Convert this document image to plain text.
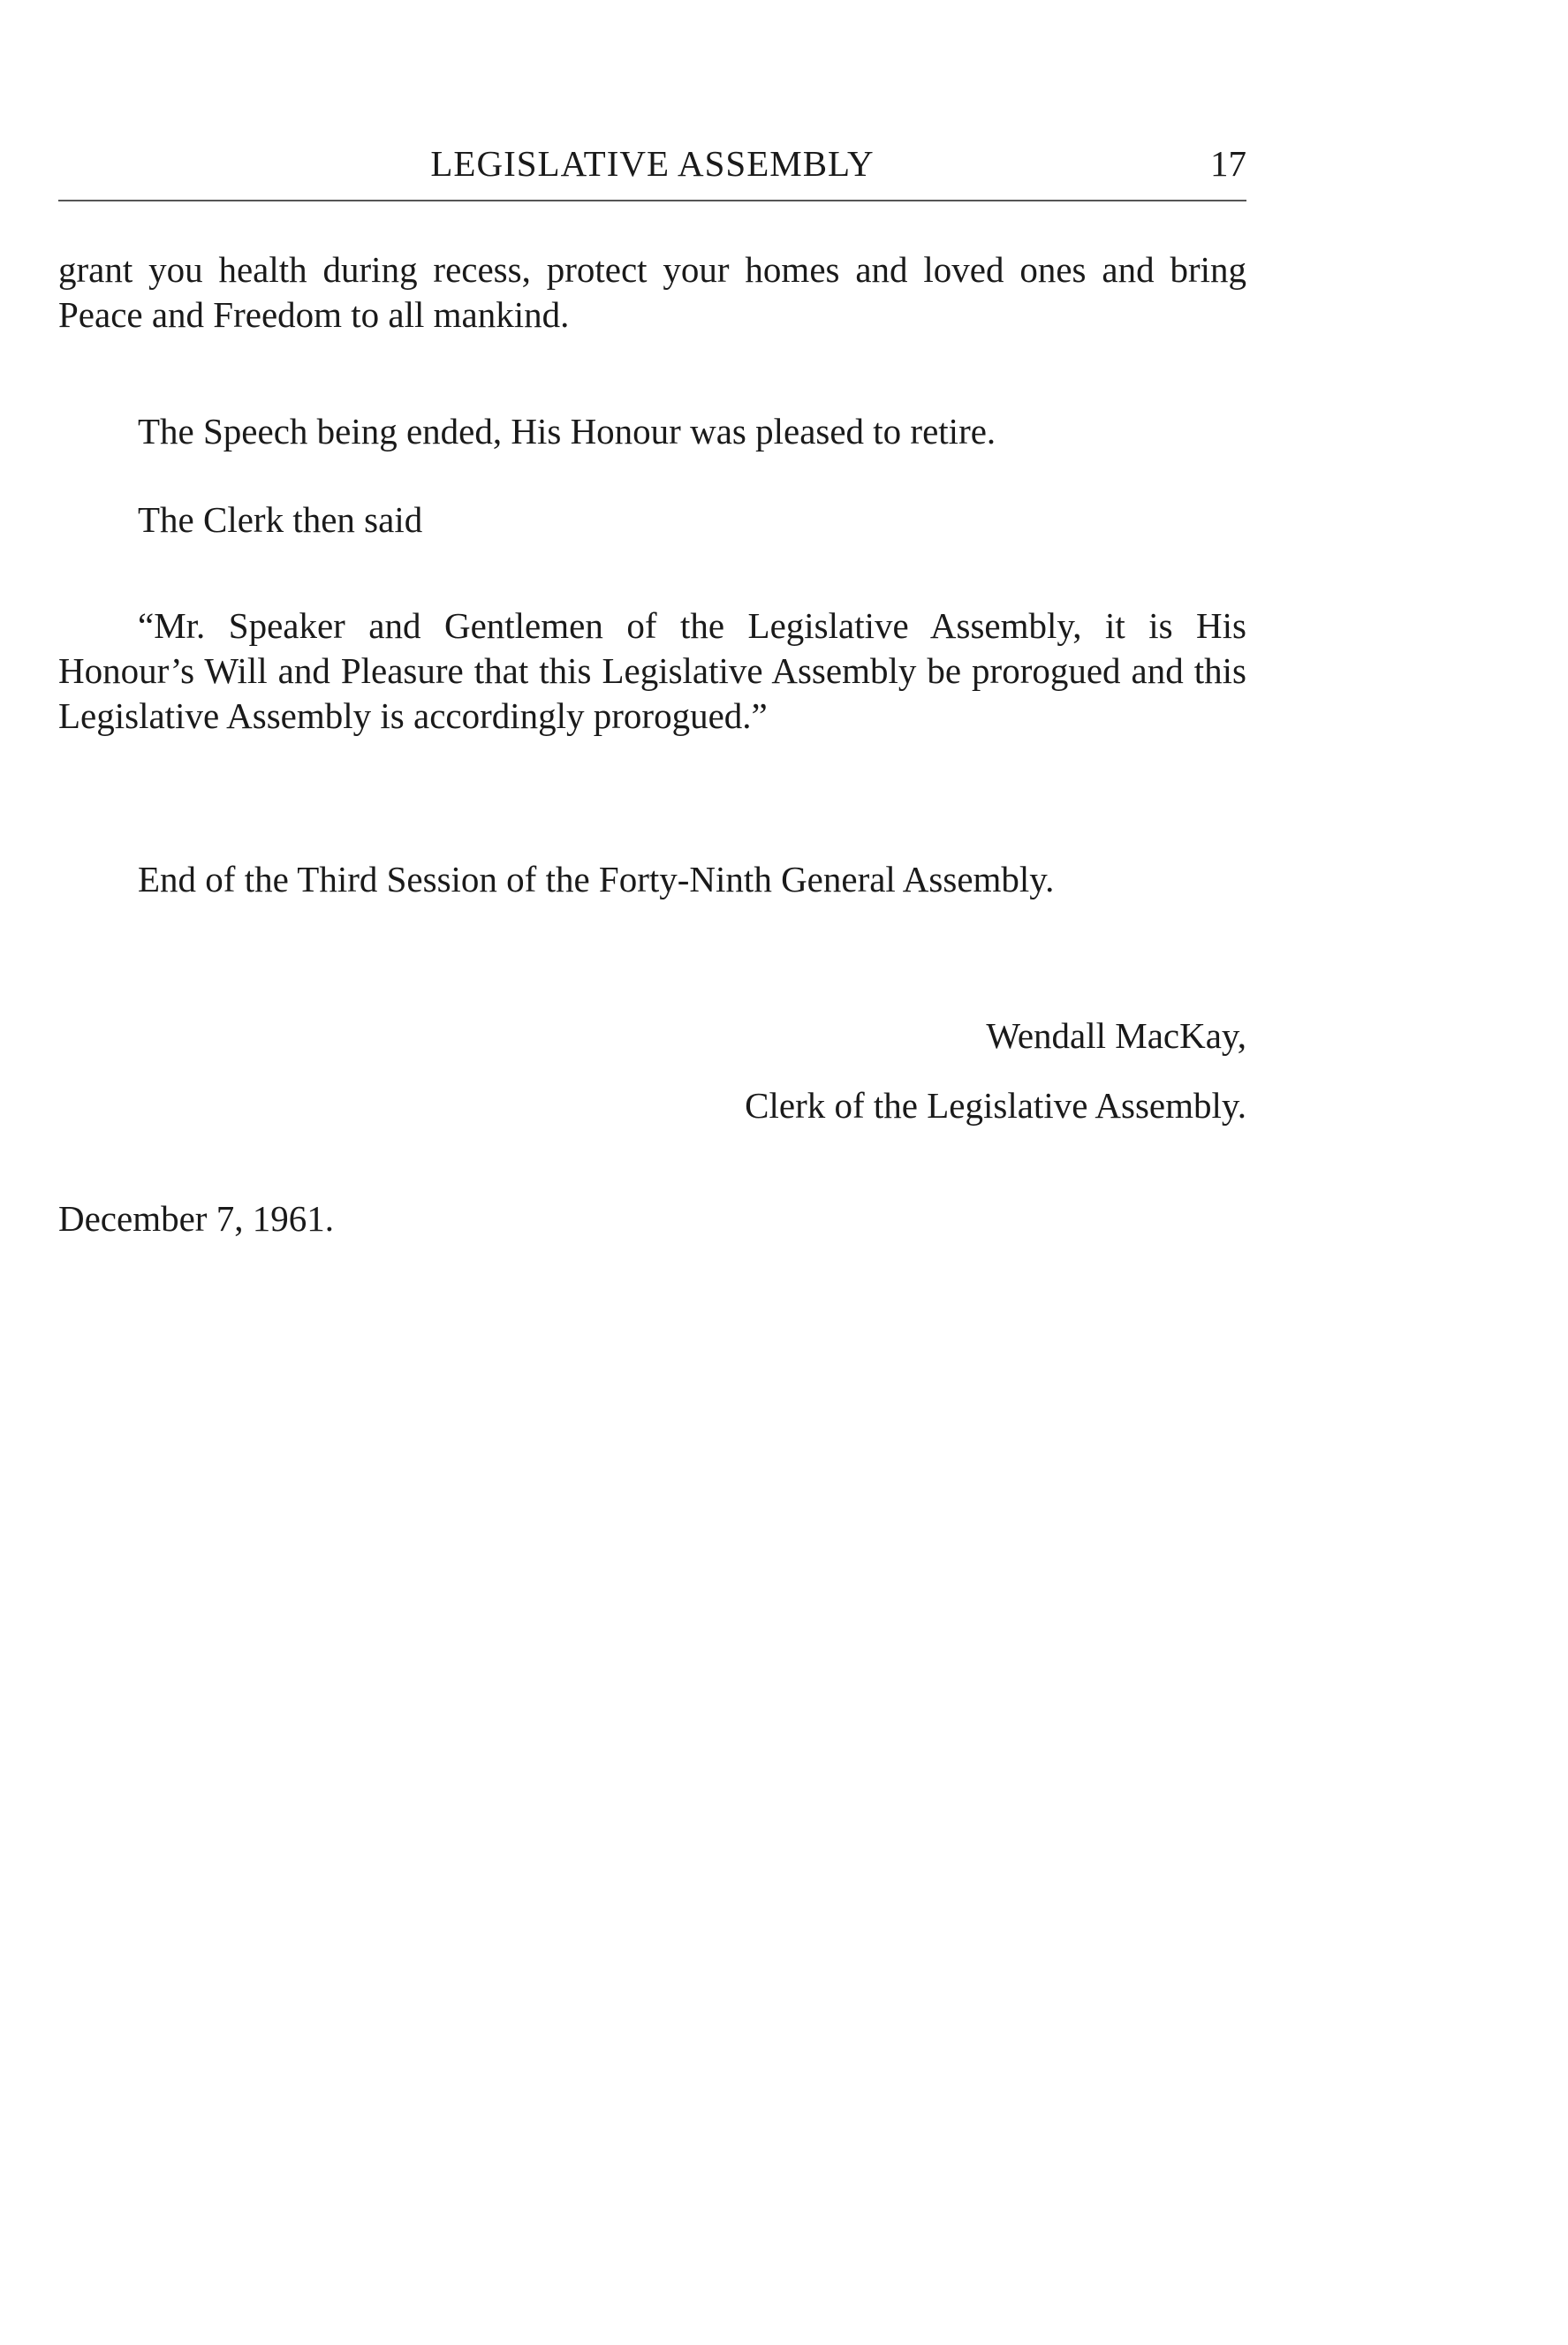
LEGISLATIVE ASSEMBLY	17

grant you health during recess, protect your homes and loved ones and bring Peace and Freedom to all mankind.

The Speech being ended, His Honour was pleased to retire.

The Clerk then said

“Mr. Speaker and Gentlemen of the Legislative Assembly, it is His Honour’s Will and Pleasure that this Legislative Assembly be prorogued and this Legislative Assembly is accordingly prorogued.”

End of the Third Session of the Forty-Ninth General Assembly.

Wendall MacKay,
Clerk of the Legislative Assembly.
December 7, 1961.
